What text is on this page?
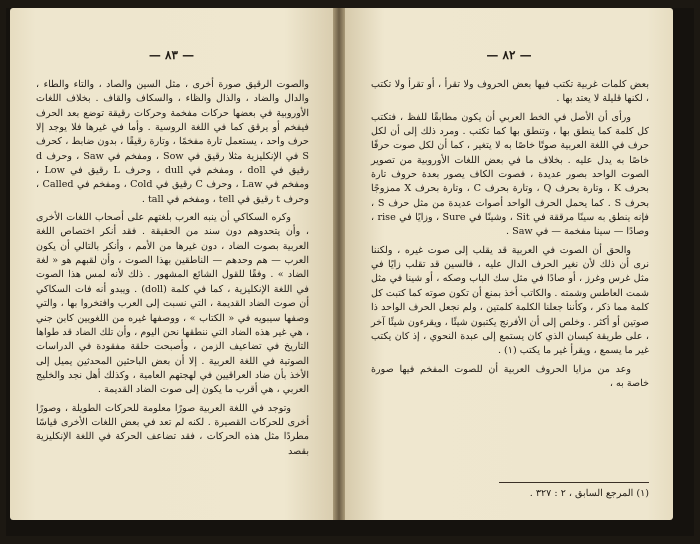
— ٨٣ —

والصوت الرقيق صورة أخرى ، مثل السين والصاد ، والتاء والطاء ، والدال والضاد ، والذال والظاء ، والسكاف والقاف . بخلاف اللغات الأوروبية في بعضها حركات مفخمة وحركات رقيقة توضع بعد الحرف فيفخم أو يرقق كما في اللغة الروسية . وأما في غيرها فلا يوجد إلا حرف واحد ، يستعمل تارة مفخمًا ، وتارة رقيقًا ، بدون ضابط ، كحرف S في الإنكليزية مثلا رقيق في Sow ، ومفخم في Saw ، وحرف d رقيق في doll ، ومفخم في dull ، وحرف L رقيق في Low ، ومفخم في Law ، وحرف C رقيق في Cold ، ومفخم في Called ، وحرف t رقيق في tell ، ومفخم في tall .

وكره السكاكي أن ينبه العرب بلغتهم على أصحاب اللغات الأخرى ، وأن يتحدوهم دون سند من الحقيقة . فقد أنكر اختصاص اللغة العربية بصوت الضاد ، دون غيرها من الأمم ، وأنكر بالتالي أن يكون العرب — هم وحدهم — الناطقين بهذا الصوت ، وأن لقبهم هو « لغة الضاد » . وفقًا للقول الشائع المشهور . ذلك لأنه لمس هذا الصوت في اللغة الإنكليزية ، كما في كلمة (doll) . ويبدو أنه فات السكاكي أن صوت الضاد القديمة ، التي نسبت إلى العرب وافتخروا بها ، والتي وصفها سيبويه في « الكتاب » ، ووصفها غيره من اللغويين كابن جني ، هي غير هذه الضاد التي ننطقها نحن اليوم ، وأن تلك الضاد قد طواها التاريخ في تضاعيف الزمن ، وأصبحت حلقة مفقودة في الدراسات الصوتية في اللغة العربية . إلا أن بعض الباحثين المحدثين يميل إلى الأخذ بأن ضاد العراقيين في لهجتهم العامية ، وكذلك أهل نجد والخليج العربي ، هي أقرب ما يكون إلى صوت الضاد القديمة .

وتوجد في اللغة العربية صورًا معلومة للحركات الطويلة ، وصورًا أخرى للحركات القصيرة . لكنه لم تعد في بعض اللغات الأخرى قياسًا مطردًا مثل هذه الحركات ، فقد تضاعف الحركة في اللغة الإنكليزية بقصد

— ٨٢ —

بعض كلمات غربية تكتب فيها بعض الحروف ولا تقرأ ، أو تقرأ ولا تكتب ، لكنها قليلة لا يعتد بها .

ورأى أن الأصل في الخط العربي أن يكون مطابقًا للفظ ، فتكتب كل كلمة كما ينطق بها ، وتنطق بها كما تكتب . ومرد ذلك إلى أن لكل حرف في اللغة العربية صوتًا خاصًا به لا يتغير ، كما أن لكل صوت حرفًا خاصًا به يدل عليه . بخلاف ما في بعض اللغات الأوروبية من تصوير الصوت الواحد بصور عديدة ، فصوت الكاف يصور بعدة حروف تارة بحرف K ، وتارة بحرف Q ، وتارة بحرف C ، وتارة بحرف X ممزوجًا بحرف S . كما يحمل الحرف الواحد أصوات عديدة من مثل حرف S ، فإنه ينطق به سينًا مرققة في Sit ، وشينًا في Sure ، وزايًا في rise ، وصادًا — سينا مفخمة — في Saw .

والحق أن الصوت في العربية قد يقلب إلى صوت غيره ، ولكننا نرى أن ذلك لأن نغير الحرف الدال عليه ، فالسين قد تقلب زايًا في مثل غرس وغرز ، أو صادًا في مثل سك الباب وصكه ، أو شينا في مثل شمت العاطس وشمته . والكاتب أخذ بمنع أن تكون صوته كما كتبت كل كلمة مما ذكر ، وكأننا جعلنا الكلمة كلمتين ، ولم نجعل الحرف الواحد ذا صوتين أو أكثر . وخلص إلى أن الأفرنج يكتبون شيئًا ، ويقرءون شيئًا آخر ، على طريقة كيسان الذي كان يستمع إلى عبدة النحوي ، إذ كان يكتب غير ما يسمع ، ويقرأ غير ما يكتب (١) .

وعد من مزايا الحروف العربية أن للصوت المفخم فيها صورة خاصة به ،

(١) المرجع السابق ، ٢ : ٣٢٧ .
